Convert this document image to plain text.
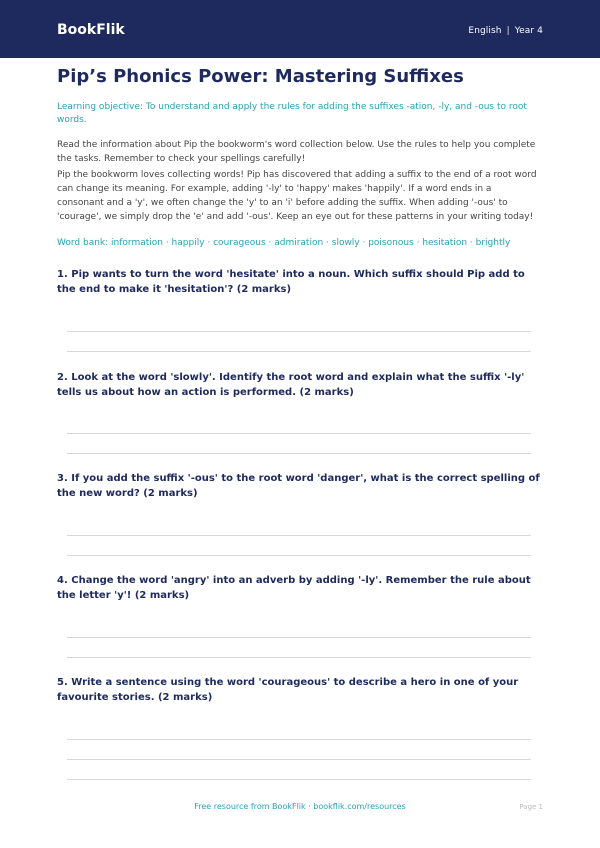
BookFlik	English | Year 4
Pip’s Phonics Power: Mastering Suffixes
Learning objective: To understand and apply the rules for adding the suffixes -ation, -ly, and -ous to root words.
Read the information about Pip the bookworm's word collection below. Use the rules to help you complete the tasks. Remember to check your spellings carefully!
Pip the bookworm loves collecting words! Pip has discovered that adding a suffix to the end of a root word can change its meaning. For example, adding '-ly' to 'happy' makes 'happily'. If a word ends in a consonant and a 'y', we often change the 'y' to an 'i' before adding the suffix. When adding '-ous' to 'courage', we simply drop the 'e' and add '-ous'. Keep an eye out for these patterns in your writing today!
Word bank: information · happily · courageous · admiration · slowly · poisonous · hesitation · brightly
1. Pip wants to turn the word 'hesitate' into a noun. Which suffix should Pip add to the end to make it 'hesitation'? (2 marks)
2. Look at the word 'slowly'. Identify the root word and explain what the suffix '-ly' tells us about how an action is performed. (2 marks)
3. If you add the suffix '-ous' to the root word 'danger', what is the correct spelling of the new word? (2 marks)
4. Change the word 'angry' into an adverb by adding '-ly'. Remember the rule about the letter 'y'! (2 marks)
5. Write a sentence using the word 'courageous' to describe a hero in one of your favourite stories. (2 marks)
Free resource from BookFlik · bookflik.com/resources	Page 1
